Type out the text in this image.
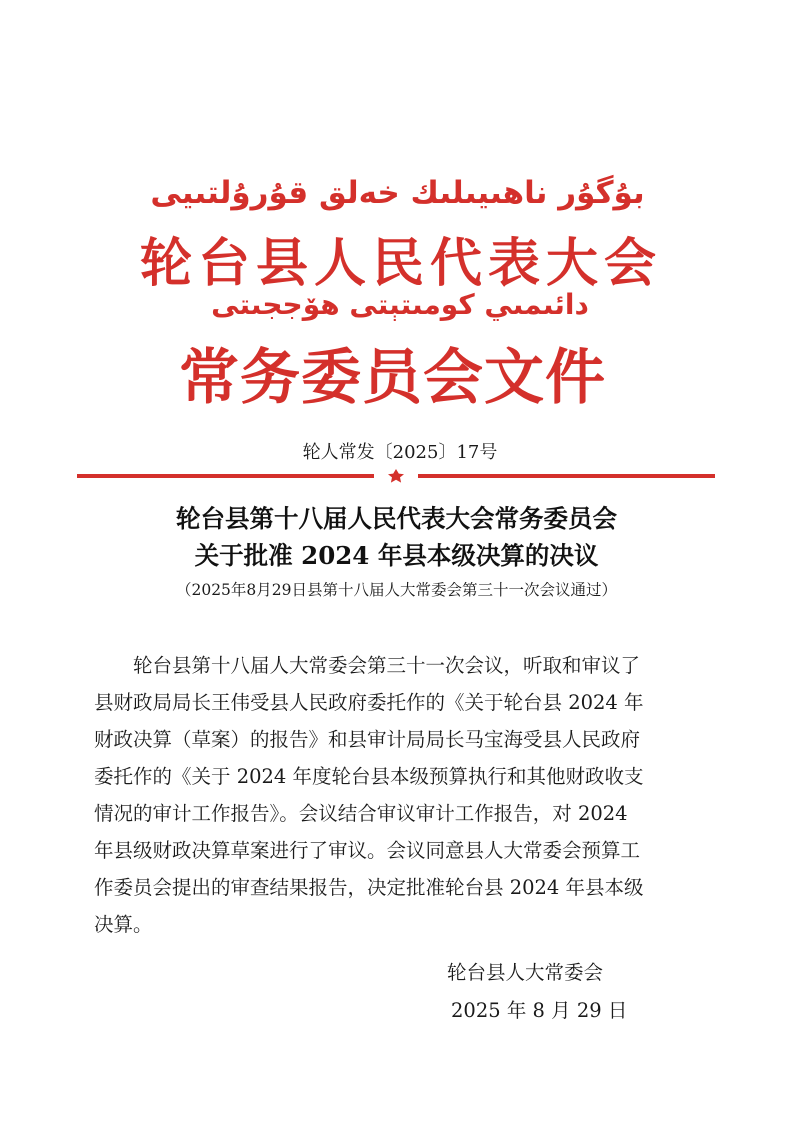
بۇگۇر ناھىيىلىك خەلق قۇرۇلتىيى
轮台县人民代表大会
دائىمىي كومىتېتى ھۆججىتى
常务委员会文件
轮人常发〔2025〕17号
轮台县第十八届人民代表大会常务委员会
关于批准 2024 年县本级决算的决议
（2025年8月29日县第十八届人大常委会第三十一次会议通过）
轮台县第十八届人大常委会第三十一次会议，听取和审议了
县财政局局长王伟受县人民政府委托作的《关于轮台县 2024 年
财政决算（草案）的报告》和县审计局局长马宝海受县人民政府
委托作的《关于 2024 年度轮台县本级预算执行和其他财政收支
情况的审计工作报告》。会议结合审议审计工作报告，对 2024
年县级财政决算草案进行了审议。会议同意县人大常委会预算工
作委员会提出的审查结果报告，决定批准轮台县 2024 年县本级
决算。
轮台县人大常委会
2025 年 8 月 29 日
